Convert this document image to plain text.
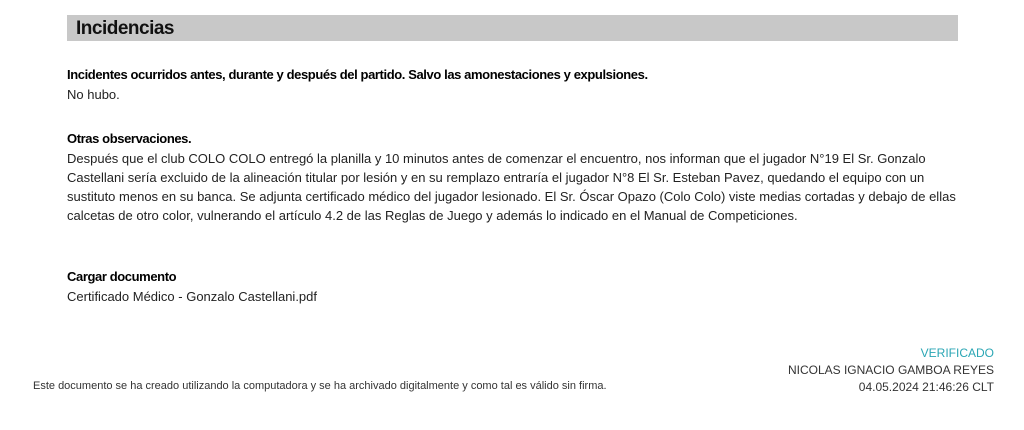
Incidencias
Incidentes ocurridos antes, durante y después del partido. Salvo las amonestaciones y expulsiones.
No hubo.
Otras observaciones.
Después que el club COLO COLO entregó la planilla y 10 minutos antes de comenzar el encuentro, nos informan que el jugador N°19 El Sr. Gonzalo Castellani sería excluido de la alineación titular por lesión y en su remplazo entraría el jugador N°8 El Sr. Esteban Pavez, quedando el equipo con un sustituto menos en su banca. Se adjunta certificado médico del jugador lesionado. El Sr. Óscar Opazo (Colo Colo) viste medias cortadas y debajo de ellas calcetas de otro color, vulnerando el artículo 4.2 de las Reglas de Juego y además lo indicado en el Manual de Competiciones.
Cargar documento
Certificado Médico - Gonzalo Castellani.pdf
Este documento se ha creado utilizando la computadora y se ha archivado digitalmente y como tal es válido sin firma.
VERIFICADO
NICOLAS IGNACIO GAMBOA REYES
04.05.2024 21:46:26 CLT
